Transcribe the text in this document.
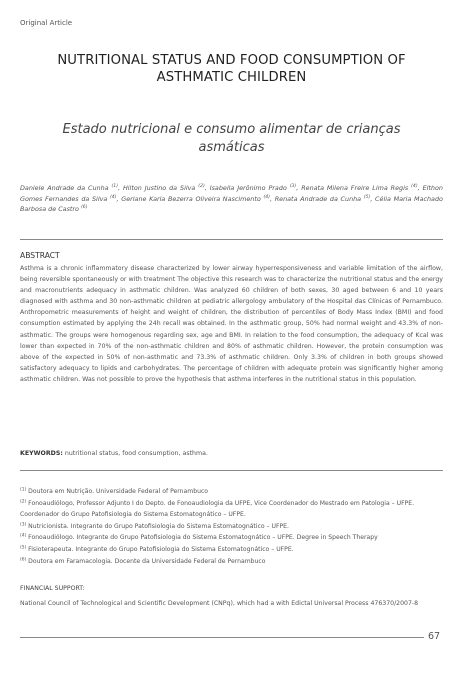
Original Article
NUTRITIONAL STATUS AND FOOD CONSUMPTION OF
ASTHMATIC CHILDREN
Estado nutricional e consumo alimentar de crianças
asmáticas
Daniele Andrade da Cunha $^{(1)}$, Hilton Justino da Silva $^{(2)}$, Isabella Jerônimo Prado $^{(3)}$, Renata Milena Freire Lima Regis $^{(4)}$, Elthon Gomes Fernandes da Silva $^{(4)}$, Gerlane Karla Bezerra Oliveira Nascimento $^{(4)}$, Renata Andrade da Cunha $^{(5)}$, Célia Maria Machado Barbosa de Castro $^{(6)}$
ABSTRACT
Asthma is a chronic inflammatory disease characterized by lower airway hyperresponsiveness and variable limitation of the airflow, being reversible spontaneously or with treatment The objective this research was to characterize the nutritional status and the energy and macronutrients adequacy in asthmatic children. Was analyzed 60 children of both sexes, 30 aged between 6 and 10 years diagnosed with asthma and 30 non-asthmatic children at pediatric allergology ambulatory of the Hospital das Clínicas of Pernambuco. Anthropometric measurements of height and weight of children, the distribution of percentiles of Body Mass Index (BMI) and food consumption estimated by applying the 24h recall was obtained. In the asthmatic group, 50% had normal weight and 43.3% of non-asthmatic. The groups were homogenous regarding sex, age and BMI. In relation to the food consumption, the adequacy of Kcal was lower than expected in 70% of the non-asthmatic children and 80% of asthmatic children. However, the protein consumption was above of the expected in 50% of non-asthmatic and 73.3% of asthmatic children. Only 3.3% of children in both groups showed satisfactory adequacy to lipids and carbohydrates. The percentage of children with adequate protein was significantly higher among asthmatic children. Was not possible to prove the hypothesis that asthma interferes in the nutritional status in this population.
KEYWORDS: nutritional status, food consumption, asthma.
$^{(1)}$ Doutora em Nutrição. Universidade Federal of Pernambuco
$^{(2)}$ Fonoaudiólogo, Professor Adjunto I do Depto. de Fonoaudiologia da UFPE, Vice Coordenador do Mestrado em Patologia – UFPE. Coordenador do Grupo Patofisiologia do Sistema Estomatognático – UFPE.
$^{(3)}$ Nutricionista. Integrante do Grupo Patofisiologia do Sistema Estomatognático – UFPE.
$^{(4)}$ Fonoaudiólogo. Integrante do Grupo Patofisiologia do Sistema Estomatognático – UFPE. Degree in Speech Therapy
$^{(5)}$ Fisioterapeuta. Integrante do Grupo Patofisiologia do Sistema Estomatognático – UFPE.
$^{(6)}$ Doutora em Faramacologia. Docente da Universidade Federal de Pernambuco
FINANCIAL SUPPORT:
National Council of Technological and Scientific Development (CNPq), which had a with Edictal Universal Process 476370/2007-8
67
